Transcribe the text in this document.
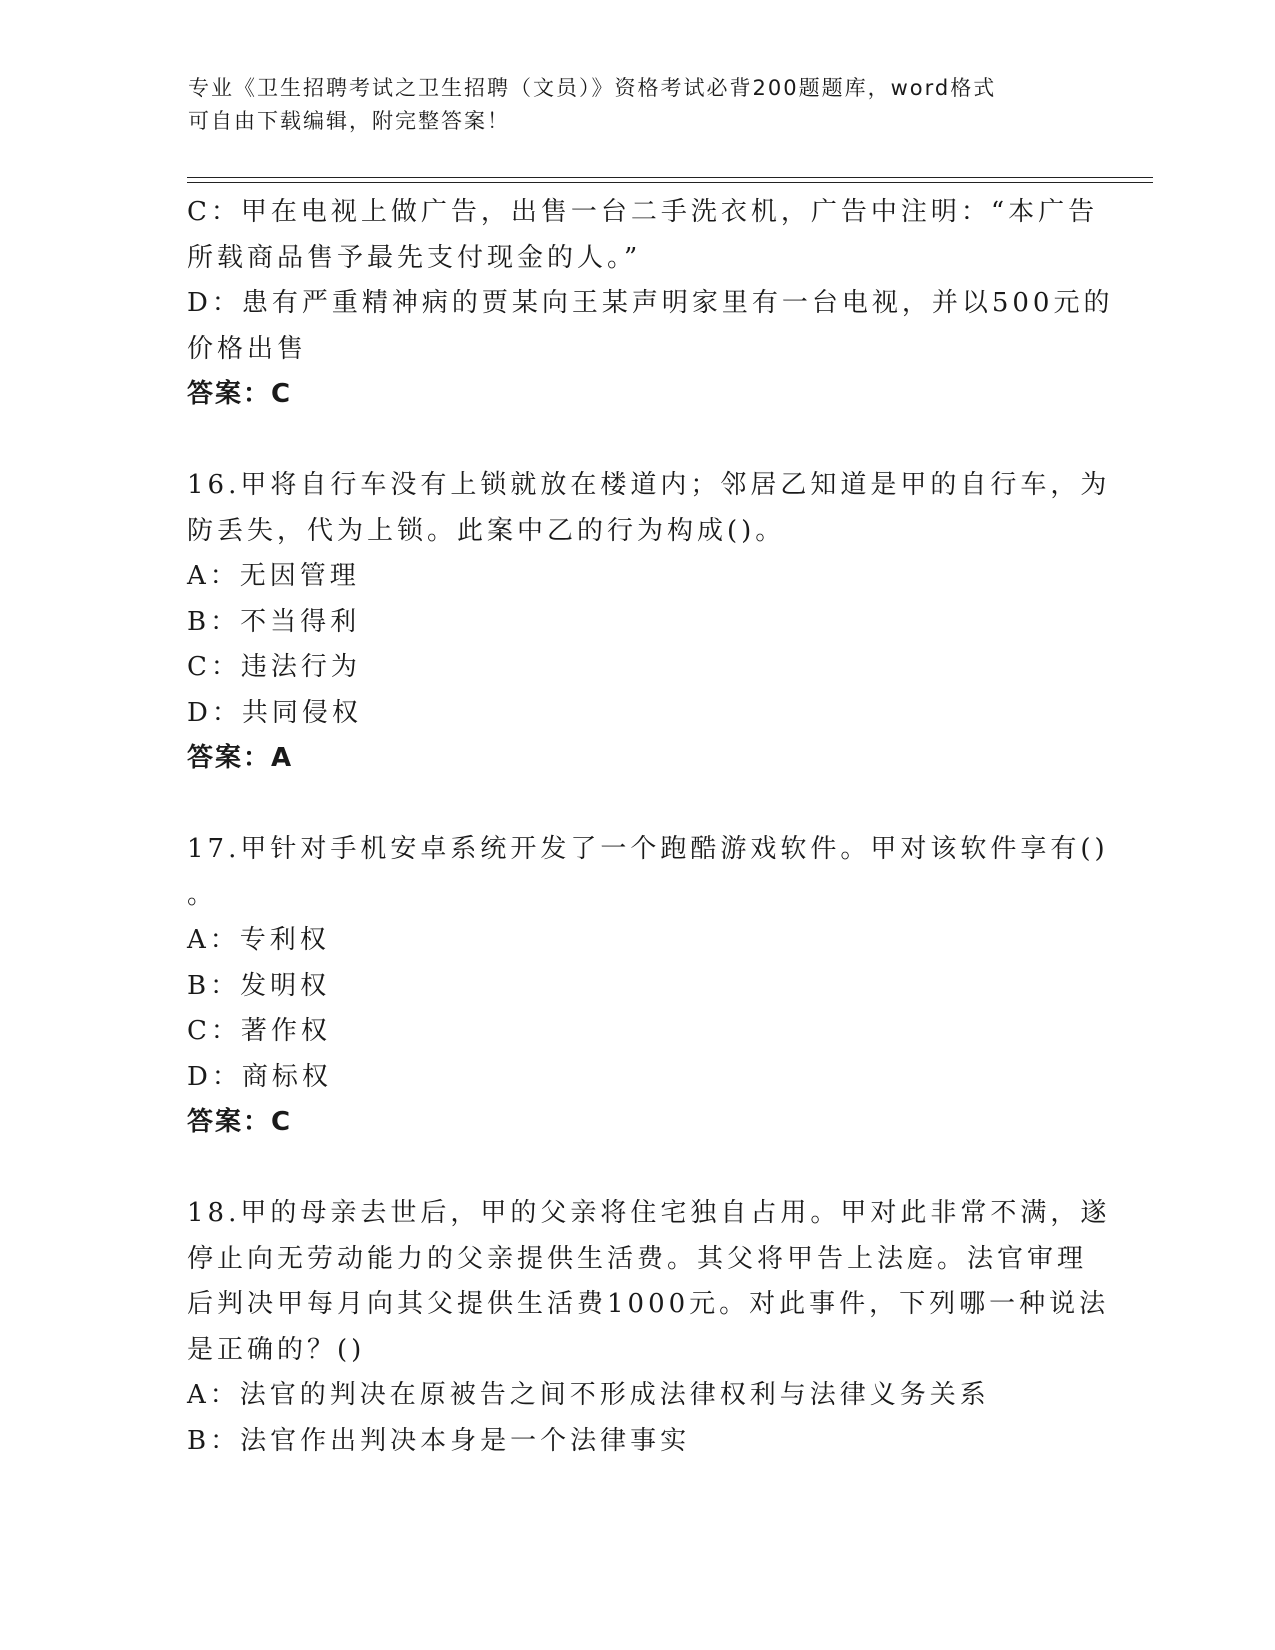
专业《卫生招聘考试之卫生招聘（文员）》资格考试必背200题题库，word格式
可自由下载编辑，附完整答案！
C：甲在电视上做广告，出售一台二手洗衣机，广告中注明：“本广告
所载商品售予最先支付现金的人。”
D：患有严重精神病的贾某向王某声明家里有一台电视，并以500元的
价格出售
答案：C
16.甲将自行车没有上锁就放在楼道内；邻居乙知道是甲的自行车，为
防丢失，代为上锁。此案中乙的行为构成()。
A：无因管理
B：不当得利
C：违法行为
D：共同侵权
答案：A
17.甲针对手机安卓系统开发了一个跑酷游戏软件。甲对该软件享有()
。
A：专利权
B：发明权
C：著作权
D：商标权
答案：C
18.甲的母亲去世后，甲的父亲将住宅独自占用。甲对此非常不满，遂
停止向无劳动能力的父亲提供生活费。其父将甲告上法庭。法官审理
后判决甲每月向其父提供生活费1000元。对此事件，下列哪一种说法
是正确的？()
A：法官的判决在原被告之间不形成法律权利与法律义务关系
B：法官作出判决本身是一个法律事实
